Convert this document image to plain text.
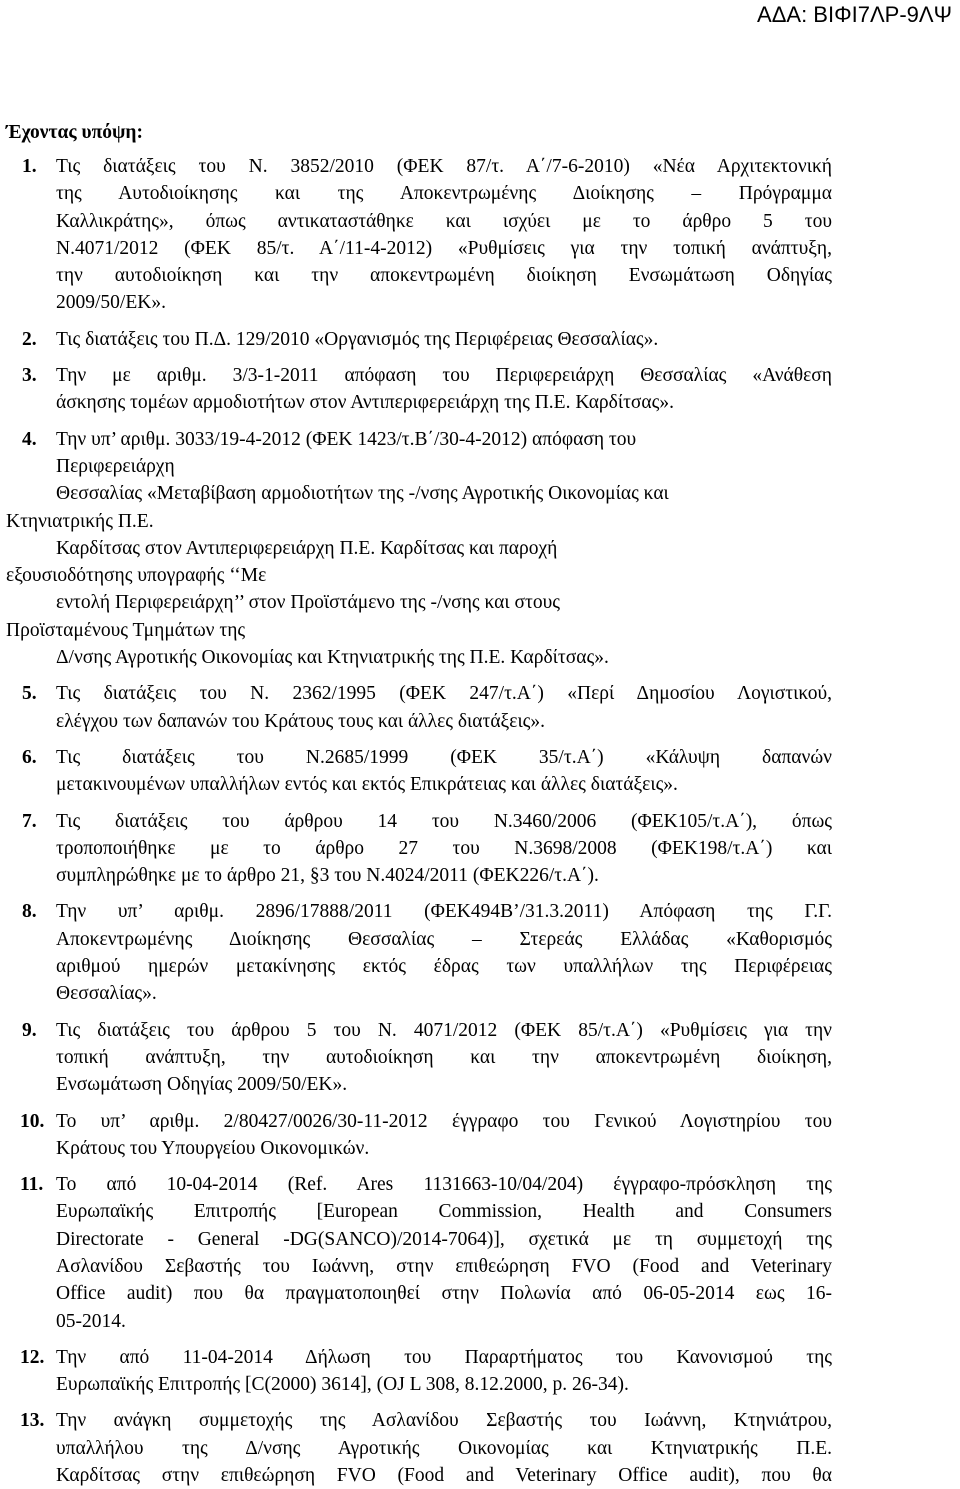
ΑΔΑ: ΒΙΦΙ7ΛΡ-9ΛΨ
Έχοντας υπόψη:
1. Τις διατάξεις του Ν. 3852/2010 (ΦΕΚ 87/τ. Α΄/7-6-2010) «Νέα Αρχιτεκτονική
της Αυτοδιοίκησης και της Αποκεντρωμένης Διοίκησης – Πρόγραμμα
Καλλικράτης», όπως αντικαταστάθηκε και ισχύει με το άρθρο 5 του
Ν.4071/2012 (ΦΕΚ 85/τ. Α΄/11-4-2012) «Ρυθμίσεις για την τοπική ανάπτυξη,
την αυτοδιοίκηση και την αποκεντρωμένη διοίκηση Ενσωμάτωση Οδηγίας
2009/50/ΕΚ».
2. Τις διατάξεις του Π.Δ. 129/2010 «Οργανισμός της Περιφέρειας Θεσσαλίας».
3. Την με αριθμ. 3/3-1-2011 απόφαση του Περιφερειάρχη Θεσσαλίας «Ανάθεση
άσκησης τομέων αρμοδιοτήτων στον Αντιπεριφερειάρχη της Π.Ε. Καρδίτσας».
4. Την υπ’ αριθμ. 3033/19-4-2012 (ΦΕΚ 1423/τ.Β΄/30-4-2012) απόφαση του
Περιφερειάρχη
Θεσσαλίας «Μεταβίβαση αρμοδιοτήτων της -/νσης Αγροτικής Οικονομίας και
Κτηνιατρικής Π.Ε.
Καρδίτσας στον Αντιπεριφερειάρχη Π.Ε. Καρδίτσας και παροχή
εξουσιοδότησης υπογραφής ‘‘Με
εντολή Περιφερειάρχη’’ στον Προϊστάμενο της -/νσης και στους
Προϊσταμένους Τμημάτων της
Δ/νσης Αγροτικής Οικονομίας και Κτηνιατρικής της Π.Ε. Καρδίτσας».
5. Τις διατάξεις του Ν. 2362/1995 (ΦΕΚ 247/τ.Α΄) «Περί Δημοσίου Λογιστικού,
ελέγχου των δαπανών του Κράτους τους και άλλες διατάξεις».
6. Τις διατάξεις του Ν.2685/1999 (ΦΕΚ 35/τ.Α΄) «Κάλυψη δαπανών
μετακινουμένων υπαλλήλων εντός και εκτός Επικράτειας και άλλες διατάξεις».
7. Τις διατάξεις του άρθρου 14 του Ν.3460/2006 (ΦΕΚ105/τ.Α΄), όπως
τροποποιήθηκε με το άρθρο 27 του Ν.3698/2008 (ΦΕΚ198/τ.Α΄) και
συμπληρώθηκε με το άρθρο 21, §3 του Ν.4024/2011 (ΦΕΚ226/τ.Α΄).
8. Την υπ’ αριθμ. 2896/17888/2011 (ΦΕΚ494Β’/31.3.2011) Απόφαση της Γ.Γ.
Αποκεντρωμένης Διοίκησης Θεσσαλίας – Στερεάς Ελλάδας «Καθορισμός
αριθμού ημερών μετακίνησης εκτός έδρας των υπαλλήλων της Περιφέρειας
Θεσσαλίας».
9. Τις διατάξεις του άρθρου 5 του Ν. 4071/2012 (ΦΕΚ 85/τ.Α΄) «Ρυθμίσεις για την
τοπική ανάπτυξη, την αυτοδιοίκηση και την αποκεντρωμένη διοίκηση,
Ενσωμάτωση Οδηγίας 2009/50/ΕΚ».
10. Το υπ’ αριθμ. 2/80427/0026/30-11-2012 έγγραφο του Γενικού Λογιστηρίου του
Κράτους του Υπουργείου Οικονομικών.
11. Το από 10-04-2014 (Ref. Ares 1131663-10/04/204) έγγραφο-πρόσκληση της
Ευρωπαϊκής Επιτροπής [European Commission, Health and Consumers
Directorate - General -DG(SANCO)/2014-7064)], σχετικά με τη συμμετοχή της
Ασλανίδου Σεβαστής του Ιωάννη, στην επιθεώρηση FVO (Food and Veterinary
Office audit) που θα πραγματοποιηθεί στην Πολωνία από 06-05-2014 εως 16-
05-2014.
12. Την από 11-04-2014 Δήλωση του Παραρτήματος του Κανονισμού της
Ευρωπαϊκής Επιτροπής [C(2000) 3614], (OJ L 308, 8.12.2000, p. 26-34).
13. Την ανάγκη συμμετοχής της Ασλανίδου Σεβαστής του Ιωάννη, Κτηνιάτρου,
υπαλλήλου της Δ/νσης Αγροτικής Οικονομίας και Κτηνιατρικής Π.Ε.
Καρδίτσας στην επιθεώρηση FVO (Food and Veterinary Office audit), που θα
